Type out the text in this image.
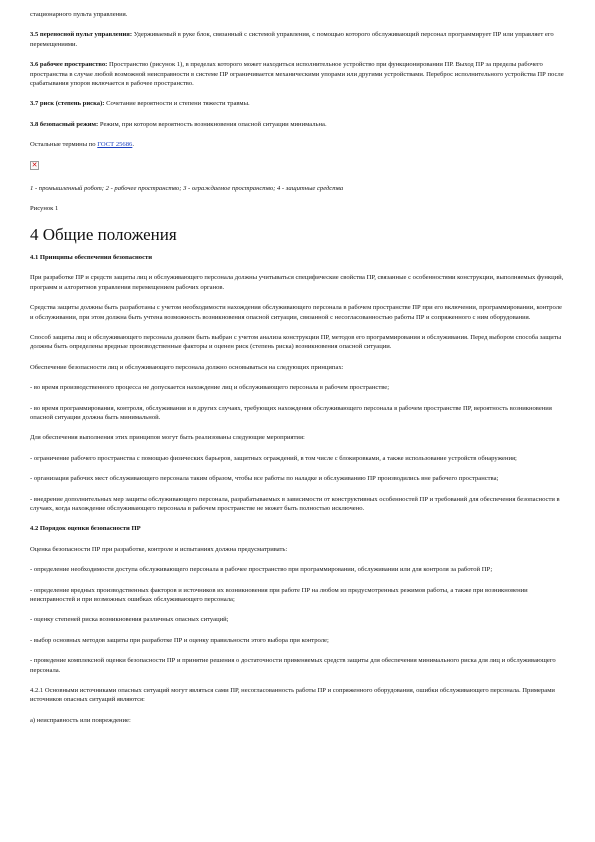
стационарного пульта управления.

3.5 переносной пульт управления: Удерживаемый в руке блок, связанный с системой управления, с помощью которого обслуживающий персонал программирует ПР или управляет его перемещениями.

3.6 рабочее пространство: Пространство (рисунок 1), в пределах которого может находиться исполнительное устройство при функционировании ПР. Выход ПР за пределы рабочего пространства в случае любой возможной неисправности в системе ПР ограничивается механическими упорами или другими устройствами. Переброс исполнительного устройства ПР после срабатывания упоров включается в рабочее пространство.

3.7 риск (степень риска): Сочетание вероятности и степени тяжести травмы.

3.8 безопасный режим: Режим, при котором вероятность возникновения опасной ситуации минимальна.

Остальные термины по ГОСТ 25686.

✕

1 - промышленный робот; 2 - рабочее пространство; 3 - ограждаемое пространство; 4 - защитные средства

Рисунок 1

4 Общие положения

4.1 Принципы обеспечения безопасности

При разработке ПР и средств защиты лиц и обслуживающего персонала должны учитываться специфические свойства ПР, связанные с особенностями конструкции, выполняемых функций, программ и алгоритмов управления перемещением рабочих органов.

Средства защиты должны быть разработаны с учетом необходимости нахождения обслуживающего персонала в рабочем пространстве ПР при его включении, программировании, контроле и обслуживании, при этом должна быть учтена возможность возникновения опасной ситуации, связанной с несогласованностью работы ПР и сопряженного с ним оборудования.

Способ защиты лиц и обслуживающего персонала должен быть выбран с учетом анализа конструкции ПР, методов его программирования и обслуживания. Перед выбором способа защиты должны быть определены вредные производственные факторы и оценен риск (степень риска) возникновения опасной ситуации.

Обеспечение безопасности лиц и обслуживающего персонала должно основываться на следующих принципах:

- во время производственного процесса не допускается нахождение лиц и обслуживающего персонала в рабочем пространстве;

- во время программирования, контроля, обслуживания и в других случаях, требующих нахождения обслуживающего персонала в рабочем пространстве ПР, вероятность возникновения опасной ситуации должна быть минимальной.

Для обеспечения выполнения этих принципов могут быть реализованы следующие мероприятия:

- ограничение рабочего пространства с помощью физических барьеров, защитных ограждений, в том числе с блокировками, а также использование устройств обнаружения;

- организация рабочих мест обслуживающего персонала таким образом, чтобы все работы по наладке и обслуживанию ПР производились вне рабочего пространства;

- внедрение дополнительных мер защиты обслуживающего персонала, разрабатываемых в зависимости от конструктивных особенностей ПР и требований для обеспечения безопасности в случаях, когда нахождение обслуживающего персонала в рабочем пространстве не может быть полностью исключено.

4.2 Порядок оценки безопасности ПР

Оценка безопасности ПР при разработке, контроле и испытаниях должна предусматривать:

- определение необходимости доступа обслуживающего персонала в рабочее пространство при программировании, обслуживании или для контроля за работой ПР;

- определение вредных производственных факторов и источников их возникновения при работе ПР на любом из предусмотренных режимов работы, а также при возникновении неисправностей и при возможных ошибках обслуживающего персонала;

- оценку степеней риска возникновения различных опасных ситуаций;

- выбор основных методов защиты при разработке ПР и оценку правильности этого выбора при контроле;

- проведение комплексной оценки безопасности ПР и принятие решения о достаточности применяемых средств защиты для обеспечения минимального риска для лиц и обслуживающего персонала.

4.2.1 Основными источниками опасных ситуаций могут являться сами ПР, несогласованность работы ПР и сопряженного оборудования, ошибки обслуживающего персонала. Примерами источников опасных ситуаций являются:

а) неисправность или повреждение:
